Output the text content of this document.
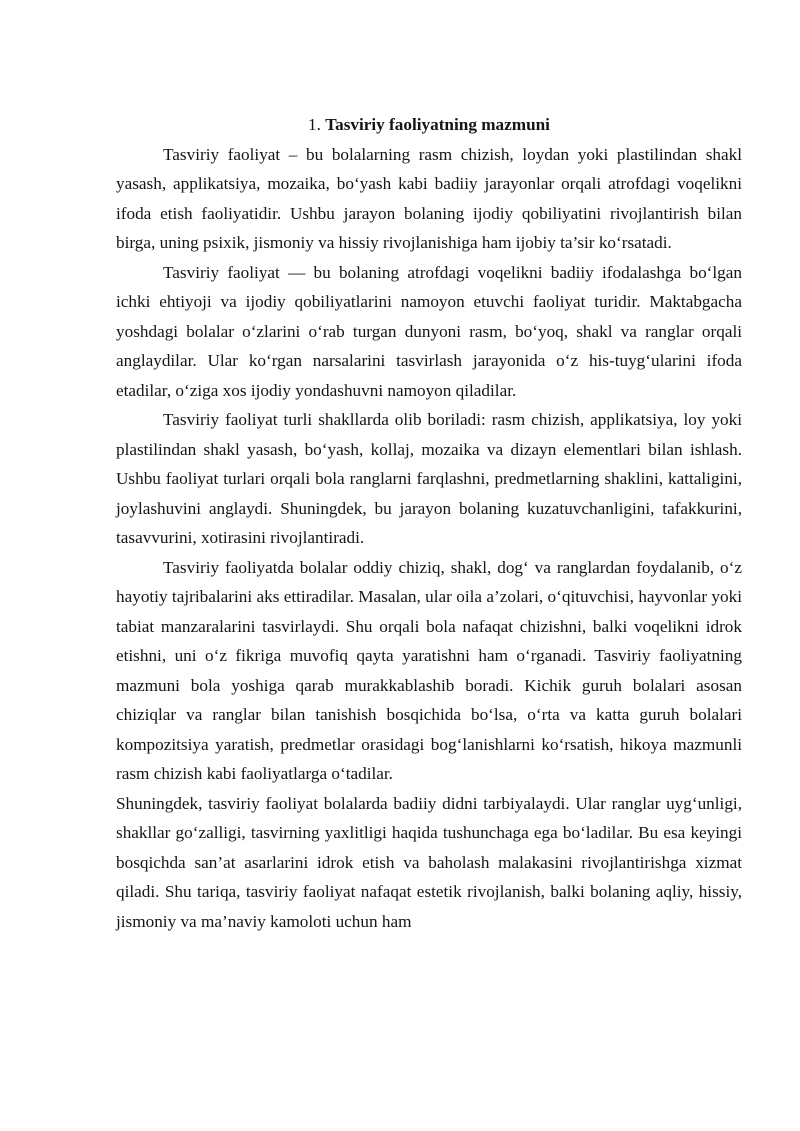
1. Tasviriy faoliyatning mazmuni

Tasviriy faoliyat – bu bolalarning rasm chizish, loydan yoki plastilindan shakl yasash, applikatsiya, mozaika, bo‘yash kabi badiiy jarayonlar orqali atrofdagi voqelikni ifoda etish faoliyatidir. Ushbu jarayon bolaning ijodiy qobiliyatini rivojlantirish bilan birga, uning psixik, jismoniy va hissiy rivojlanishiga ham ijobiy ta’sir ko‘rsatadi.

Tasviriy faoliyat — bu bolaning atrofdagi voqelikni badiiy ifodalashga bo‘lgan ichki ehtiyoji va ijodiy qobiliyatlarini namoyon etuvchi faoliyat turidir. Maktabgacha yoshdagi bolalar o‘zlarini o‘rab turgan dunyoni rasm, bo‘yoq, shakl va ranglar orqali anglaydilar. Ular ko‘rgan narsalarini tasvirlash jarayonida o‘z his-tuyg‘ularini ifoda etadilar, o‘ziga xos ijodiy yondashuvni namoyon qiladilar.

Tasviriy faoliyat turli shakllarda olib boriladi: rasm chizish, applikatsiya, loy yoki plastilindan shakl yasash, bo‘yash, kollaj, mozaika va dizayn elementlari bilan ishlash. Ushbu faoliyat turlari orqali bola ranglarni farqlashni, predmetlarning shaklini, kattaligini, joylashuvini anglaydi. Shuningdek, bu jarayon bolaning kuzatuvchanligini, tafakkurini, tasavvurini, xotirasini rivojlantiradi.

Tasviriy faoliyatda bolalar oddiy chiziq, shakl, dog‘ va ranglardan foydalanib, o‘z hayotiy tajribalarini aks ettiradilar. Masalan, ular oila a’zolari, o‘qituvchisi, hayvonlar yoki tabiat manzaralarini tasvirlaydi. Shu orqali bola nafaqat chizishni, balki voqelikni idrok etishni, uni o‘z fikriga muvofiq qayta yaratishni ham o‘rganadi. Tasviriy faoliyatning mazmuni bola yoshiga qarab murakkablashib boradi. Kichik guruh bolalari asosan chiziqlar va ranglar bilan tanishish bosqichida bo‘lsa, o‘rta va katta guruh bolalari kompozitsiya yaratish, predmetlar orasidagi bog‘lanishlarni ko‘rsatish, hikoya mazmunli rasm chizish kabi faoliyatlarga o‘tadilar.

Shuningdek, tasviriy faoliyat bolalarda badiiy didni tarbiyalaydi. Ular ranglar uyg‘unligi, shakllar go‘zalligi, tasvirning yaxlitligi haqida tushunchaga ega bo‘ladilar. Bu esa keyingi bosqichda san’at asarlarini idrok etish va baholash malakasini rivojlantirishga xizmat qiladi. Shu tariqa, tasviriy faoliyat nafaqat estetik rivojlanish, balki bolaning aqliy, hissiy, jismoniy va ma’naviy kamoloti uchun ham
